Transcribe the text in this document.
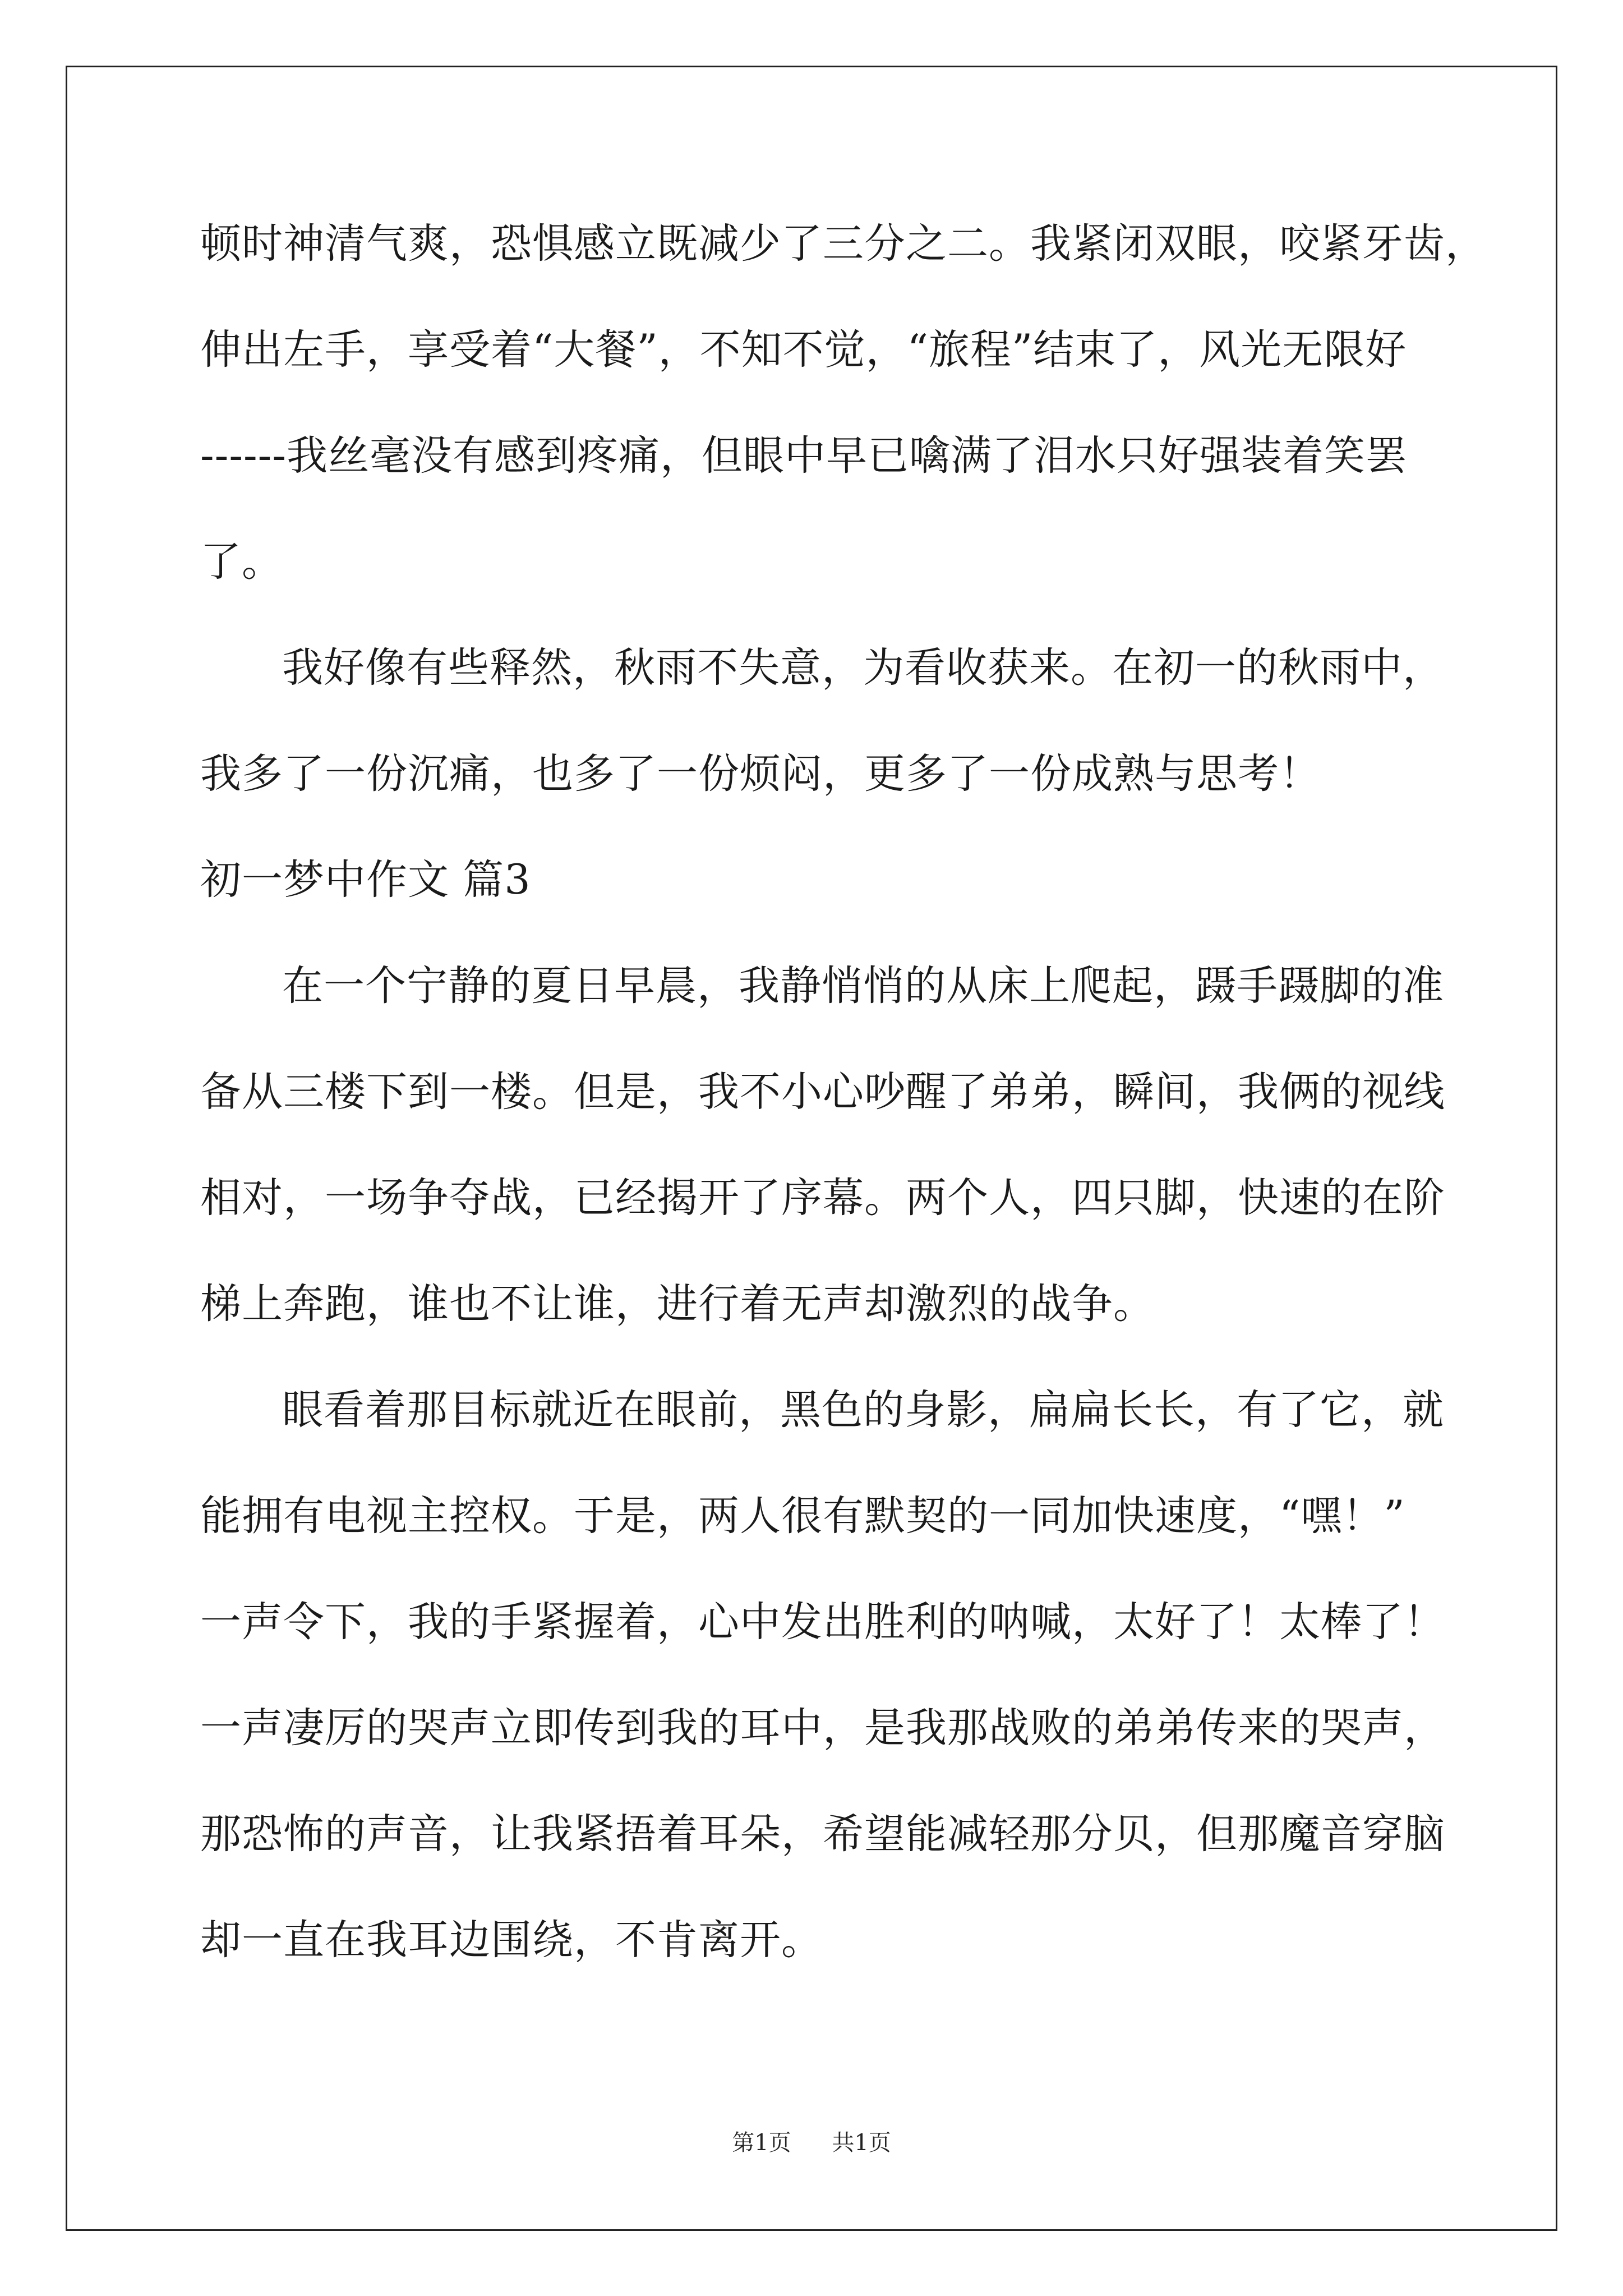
顿时神清气爽，恐惧感立既减少了三分之二。我紧闭双眼，咬紧牙齿，
伸出左手，享受着“大餐”，不知不觉，“旅程”结束了，风光无限好
------我丝毫没有感到疼痛，但眼中早已噙满了泪水只好强装着笑罢
了。
我好像有些释然，秋雨不失意，为看收获来。在初一的秋雨中，
我多了一份沉痛，也多了一份烦闷，更多了一份成熟与思考！
初一梦中作文 篇3
在一个宁静的夏日早晨，我静悄悄的从床上爬起，蹑手蹑脚的准
备从三楼下到一楼。但是，我不小心吵醒了弟弟，瞬间，我俩的视线
相对，一场争夺战，已经揭开了序幕。两个人，四只脚，快速的在阶
梯上奔跑，谁也不让谁，进行着无声却激烈的战争。
眼看着那目标就近在眼前，黑色的身影，扁扁长长，有了它，就
能拥有电视主控权。于是，两人很有默契的一同加快速度，“嘿！”
一声令下，我的手紧握着，心中发出胜利的呐喊，太好了！太棒了！
一声凄厉的哭声立即传到我的耳中，是我那战败的弟弟传来的哭声，
那恐怖的声音，让我紧捂着耳朵，希望能减轻那分贝，但那魔音穿脑
却一直在我耳边围绕，不肯离开。
第1页 共1页
